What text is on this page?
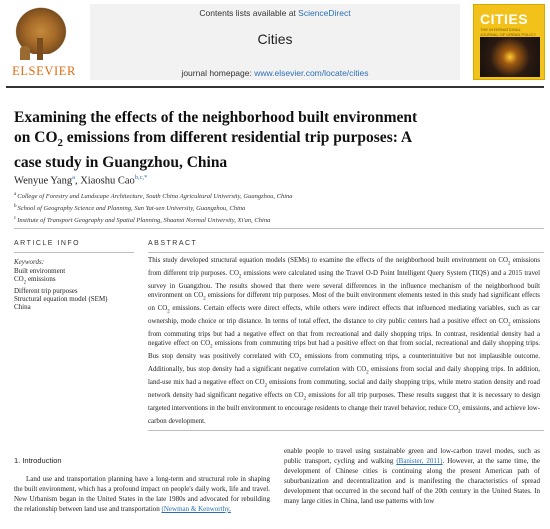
ELSEVIER
Contents lists available at ScienceDirect
Cities
journal homepage: www.elsevier.com/locate/cities
CITIES
THE INTERNATIONAL JOURNAL OF URBAN POLICY
Examining the effects of the neighborhood built environment on $CO_2$ emissions from different residential trip purposes: A case study in Guangzhou, China
Wenyue Yang$^a$, Xiaoshu Cao$^{b,c,*}$
$^a$College of Forestry and Landscape Architecture, South China Agricultural University, Guangzhou, China
$^b$School of Geography Science and Planning, Sun Yat-sen University, Guangzhou, China
$^c$Institute of Transport Geography and Spatial Planning, Shaanxi Normal University, Xi'an, China
ARTICLE INFO
Keywords:
Built environment
$CO_2$ emissions
Different trip purposes
Structural equation model (SEM)
China
ABSTRACT

This study developed structural equation models (SEMs) to examine the effects of the neighborhood built environment on $CO_2$ emissions from different trip purposes. $CO_2$ emissions were calculated using the Travel O-D Point Intelligent Query System (TIQS) and a 2015 travel survey in Guangzhou. The results showed that there were several differences in the influence mechanism of the neighborhood built environment on $CO_2$ emissions for different trip purposes. Most of the built environment elements tested in this study had significant effects on $CO_2$ emissions. Certain effects were direct effects, while others were indirect effects that influenced mediating variables, such as car ownership, mode choice or trip distance. In terms of total effect, the distance to city public centers had a positive effect on $CO_2$ emissions from commuting trips but had a negative effect on that from recreational and daily shopping trips. In contrast, residential density had a negative effect on $CO_2$ emissions from commuting trips but had a positive effect on that from social, recreational and daily shopping trips. Bus stop density was positively correlated with $CO_2$ emissions from commuting trips, a counterintuitive but not implausible outcome. Additionally, bus stop density had a significant negative correlation with $CO_2$ emissions from social and daily shopping trips. In addition, land-use mix had a negative effect on $CO_2$ emissions from commuting, social and daily shopping trips, while metro station density and road network density had significant negative effects on $CO_2$ emissions for all trip purposes. These results suggest that it is necessary to design targeted interventions in the built environment to encourage residents to change their travel behavior, reduce $CO_2$ emissions, and achieve low-carbon development.

1. Introduction

Land use and transportation planning have a long-term and structural role in shaping the built environment, which has a profound impact on people's daily work, life and travel. New Urbanism began in the United States in the late 1980s and advocated for rebuilding the relationship between land use and transportation (Newman & Kenworthy,

enable people to travel using sustainable green and low-carbon travel modes, such as public transport, cycling and walking (Banister, 2011). However, at the same time, the development of Chinese cities is continuing along the present American path of suburbanization and decentralization and is manifesting the characteristics of spread development that occurred in the second half of the 20th century in the United States. In many large cities in China, land use patterns with low
